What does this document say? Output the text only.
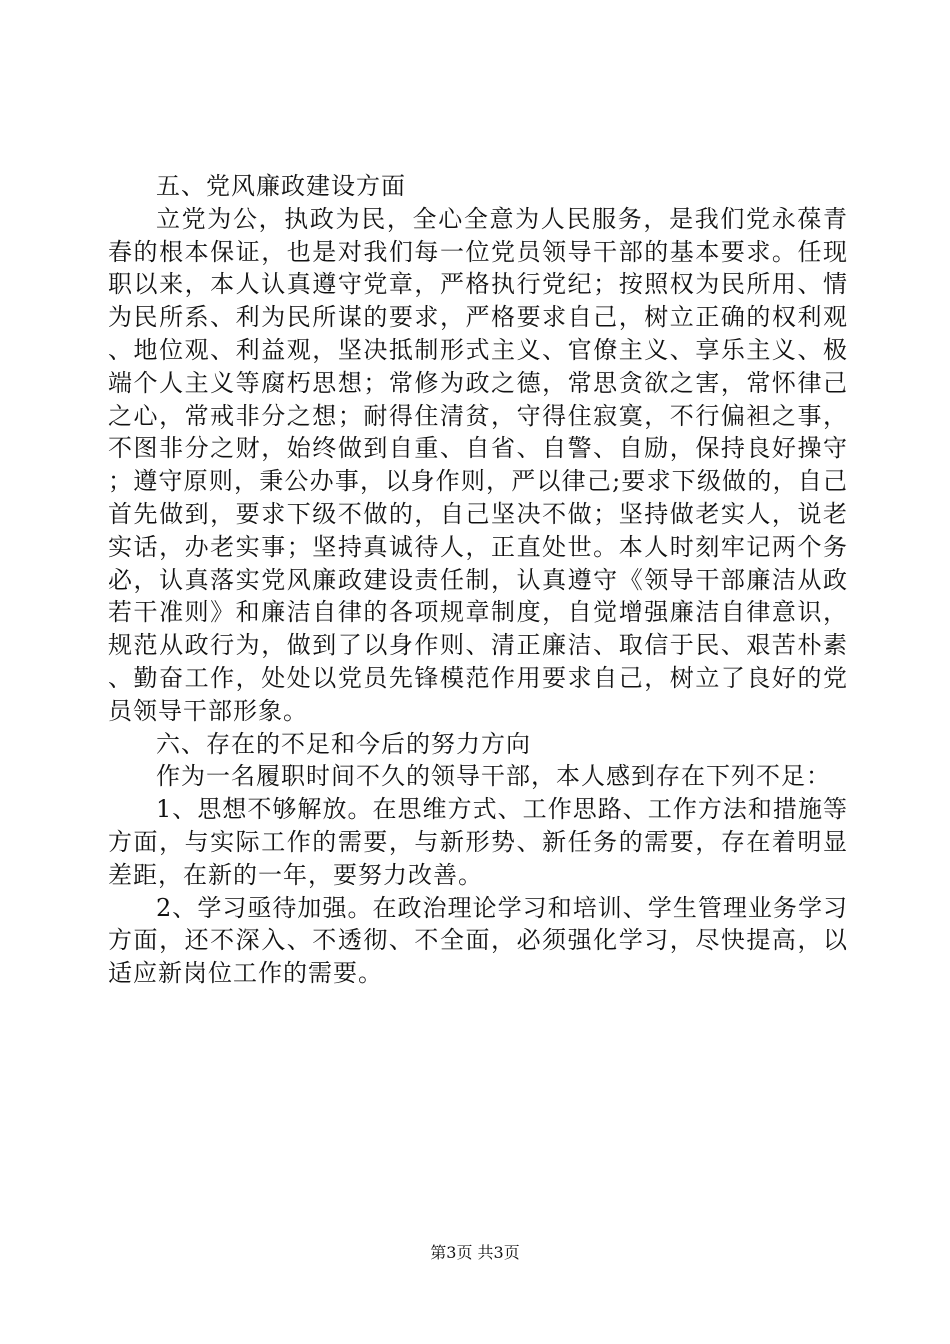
五、党风廉政建设方面

立党为公，执政为民，全心全意为人民服务，是我们党永葆青春的根本保证，也是对我们每一位党员领导干部的基本要求。任现职以来，本人认真遵守党章，严格执行党纪；按照权为民所用、情为民所系、利为民所谋的要求，严格要求自己，树立正确的权利观、地位观、利益观，坚决抵制形式主义、官僚主义、享乐主义、极端个人主义等腐朽思想；常修为政之德，常思贪欲之害，常怀律己之心，常戒非分之想；耐得住清贫，守得住寂寞，不行偏袒之事，不图非分之财，始终做到自重、自省、自警、自励，保持良好操守；遵守原则，秉公办事，以身作则，严以律己;要求下级做的，自己首先做到，要求下级不做的，自己坚决不做；坚持做老实人，说老实话，办老实事；坚持真诚待人，正直处世。本人时刻牢记两个务必，认真落实党风廉政建设责任制，认真遵守《领导干部廉洁从政若干准则》和廉洁自律的各项规章制度，自觉增强廉洁自律意识，规范从政行为，做到了以身作则、清正廉洁、取信于民、艰苦朴素、勤奋工作，处处以党员先锋模范作用要求自己，树立了良好的党员领导干部形象。

六、存在的不足和今后的努力方向

作为一名履职时间不久的领导干部，本人感到存在下列不足：

1、思想不够解放。在思维方式、工作思路、工作方法和措施等方面，与实际工作的需要，与新形势、新任务的需要，存在着明显差距，在新的一年，要努力改善。

2、学习亟待加强。在政治理论学习和培训、学生管理业务学习方面，还不深入、不透彻、不全面，必须强化学习，尽快提高，以适应新岗位工作的需要。

第3页 共3页
